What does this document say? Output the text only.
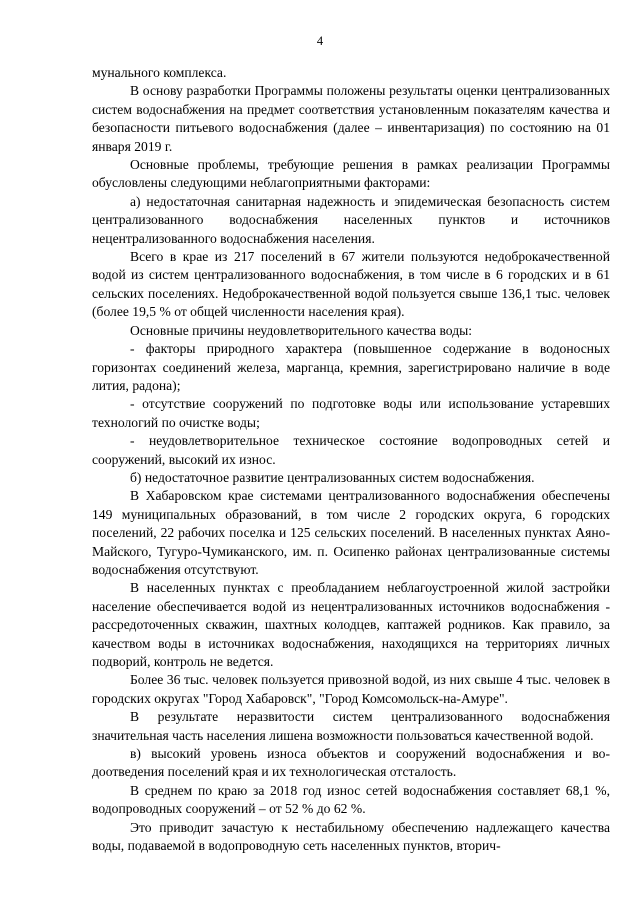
4

мунального комплекса.

В основу разработки Программы положены результаты оценки централизованных систем водоснабжения на предмет соответствия установленным показателям качества и безопасности питьевого водоснабжения (далее – инвентаризация) по состоянию на 01 января 2019 г.

Основные проблемы, требующие решения в рамках реализации Программы обусловлены следующими неблагоприятными факторами:

а) недостаточная санитарная надежность и эпидемическая безопасность систем централизованного водоснабжения населенных пунктов и источников нецентрализованного водоснабжения населения.

Всего в крае из 217 поселений в 67 жители пользуются недоброкачественной водой из систем централизованного водоснабжения, в том числе в 6 городских и в 61 сельских поселениях. Недоброкачественной водой пользуется свыше 136,1 тыс. человек (более 19,5 % от общей численности населения края).

Основные причины неудовлетворительного качества воды:

- факторы природного характера (повышенное содержание в водоносных горизонтах соединений железа, марганца, кремния, зарегистрировано наличие в воде лития, радона);

- отсутствие сооружений по подготовке воды или использование устаревших технологий по очистке воды;

- неудовлетворительное техническое состояние водопроводных сетей и сооружений, высокий их износ.

б) недостаточное развитие централизованных систем водоснабжения.

В Хабаровском крае системами централизованного водоснабжения обеспечены 149 муниципальных образований, в том числе 2 городских округа, 6 городских поселений, 22 рабочих поселка и 125 сельских поселений. В населенных пунктах Аяно-Майского, Тугуро-Чумиканского, им. п. Осипенко районах централизованные системы водоснабжения отсутствуют.

В населенных пунктах с преобладанием неблагоустроенной жилой застройки население обеспечивается водой из нецентрализованных источников водоснабжения - рассредоточенных скважин, шахтных колодцев, каптажей родников. Как правило, за качеством воды в источниках водоснабжения, находящихся на территориях личных подворий, контроль не ведется.

Более 36 тыс. человек пользуется привозной водой, из них свыше 4 тыс. человек в городских округах "Город Хабаровск", "Город Комсомольск-на-Амуре".

В результате неразвитости систем централизованного водоснабжения значительная часть населения лишена возможности пользоваться качественной водой.

в) высокий уровень износа объектов и сооружений водоснабжения и водоотведения поселений края и их технологическая отсталость.

В среднем по краю за 2018 год износ сетей водоснабжения составляет 68,1 %, водопроводных сооружений – от 52 % до 62 %.

Это приводит зачастую к нестабильному обеспечению надлежащего качества воды, подаваемой в водопроводную сеть населенных пунктов, вторич-
